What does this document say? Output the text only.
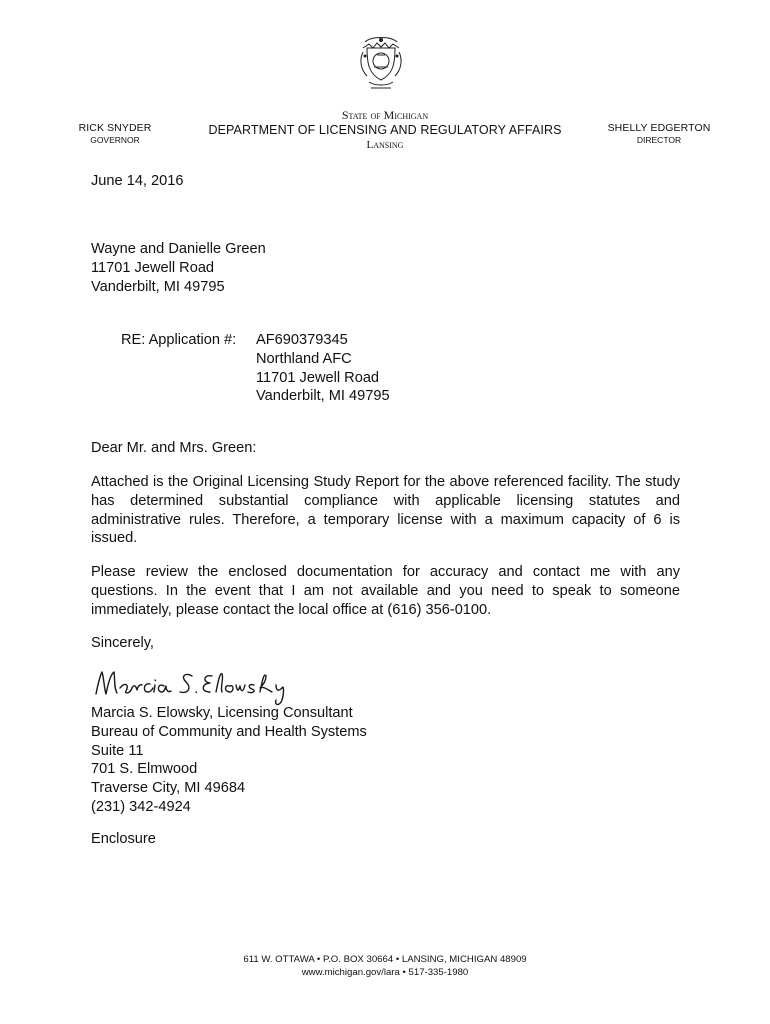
RICK SNYDER
GOVERNOR
State of Michigan
DEPARTMENT OF LICENSING AND REGULATORY AFFAIRS
Lansing
SHELLY EDGERTON
DIRECTOR

June 14, 2016

Wayne and Danielle Green
11701 Jewell Road
Vanderbilt, MI 49795

RE: Application #: AF690379345
Northland AFC
11701 Jewell Road
Vanderbilt, MI 49795

Dear Mr. and Mrs. Green:

Attached is the Original Licensing Study Report for the above referenced facility. The study has determined substantial compliance with applicable licensing statutes and administrative rules. Therefore, a temporary license with a maximum capacity of 6 is issued.

Please review the enclosed documentation for accuracy and contact me with any questions. In the event that I am not available and you need to speak to someone immediately, please contact the local office at (616) 356-0100.

Sincerely,

Marcia S. Elowsky, Licensing Consultant
Bureau of Community and Health Systems
Suite 11
701 S. Elmwood
Traverse City, MI 49684
(231) 342-4924

Enclosure

611 W. OTTAWA • P.O. BOX 30664 • LANSING, MICHIGAN 48909
www.michigan.gov/lara • 517-335-1980
